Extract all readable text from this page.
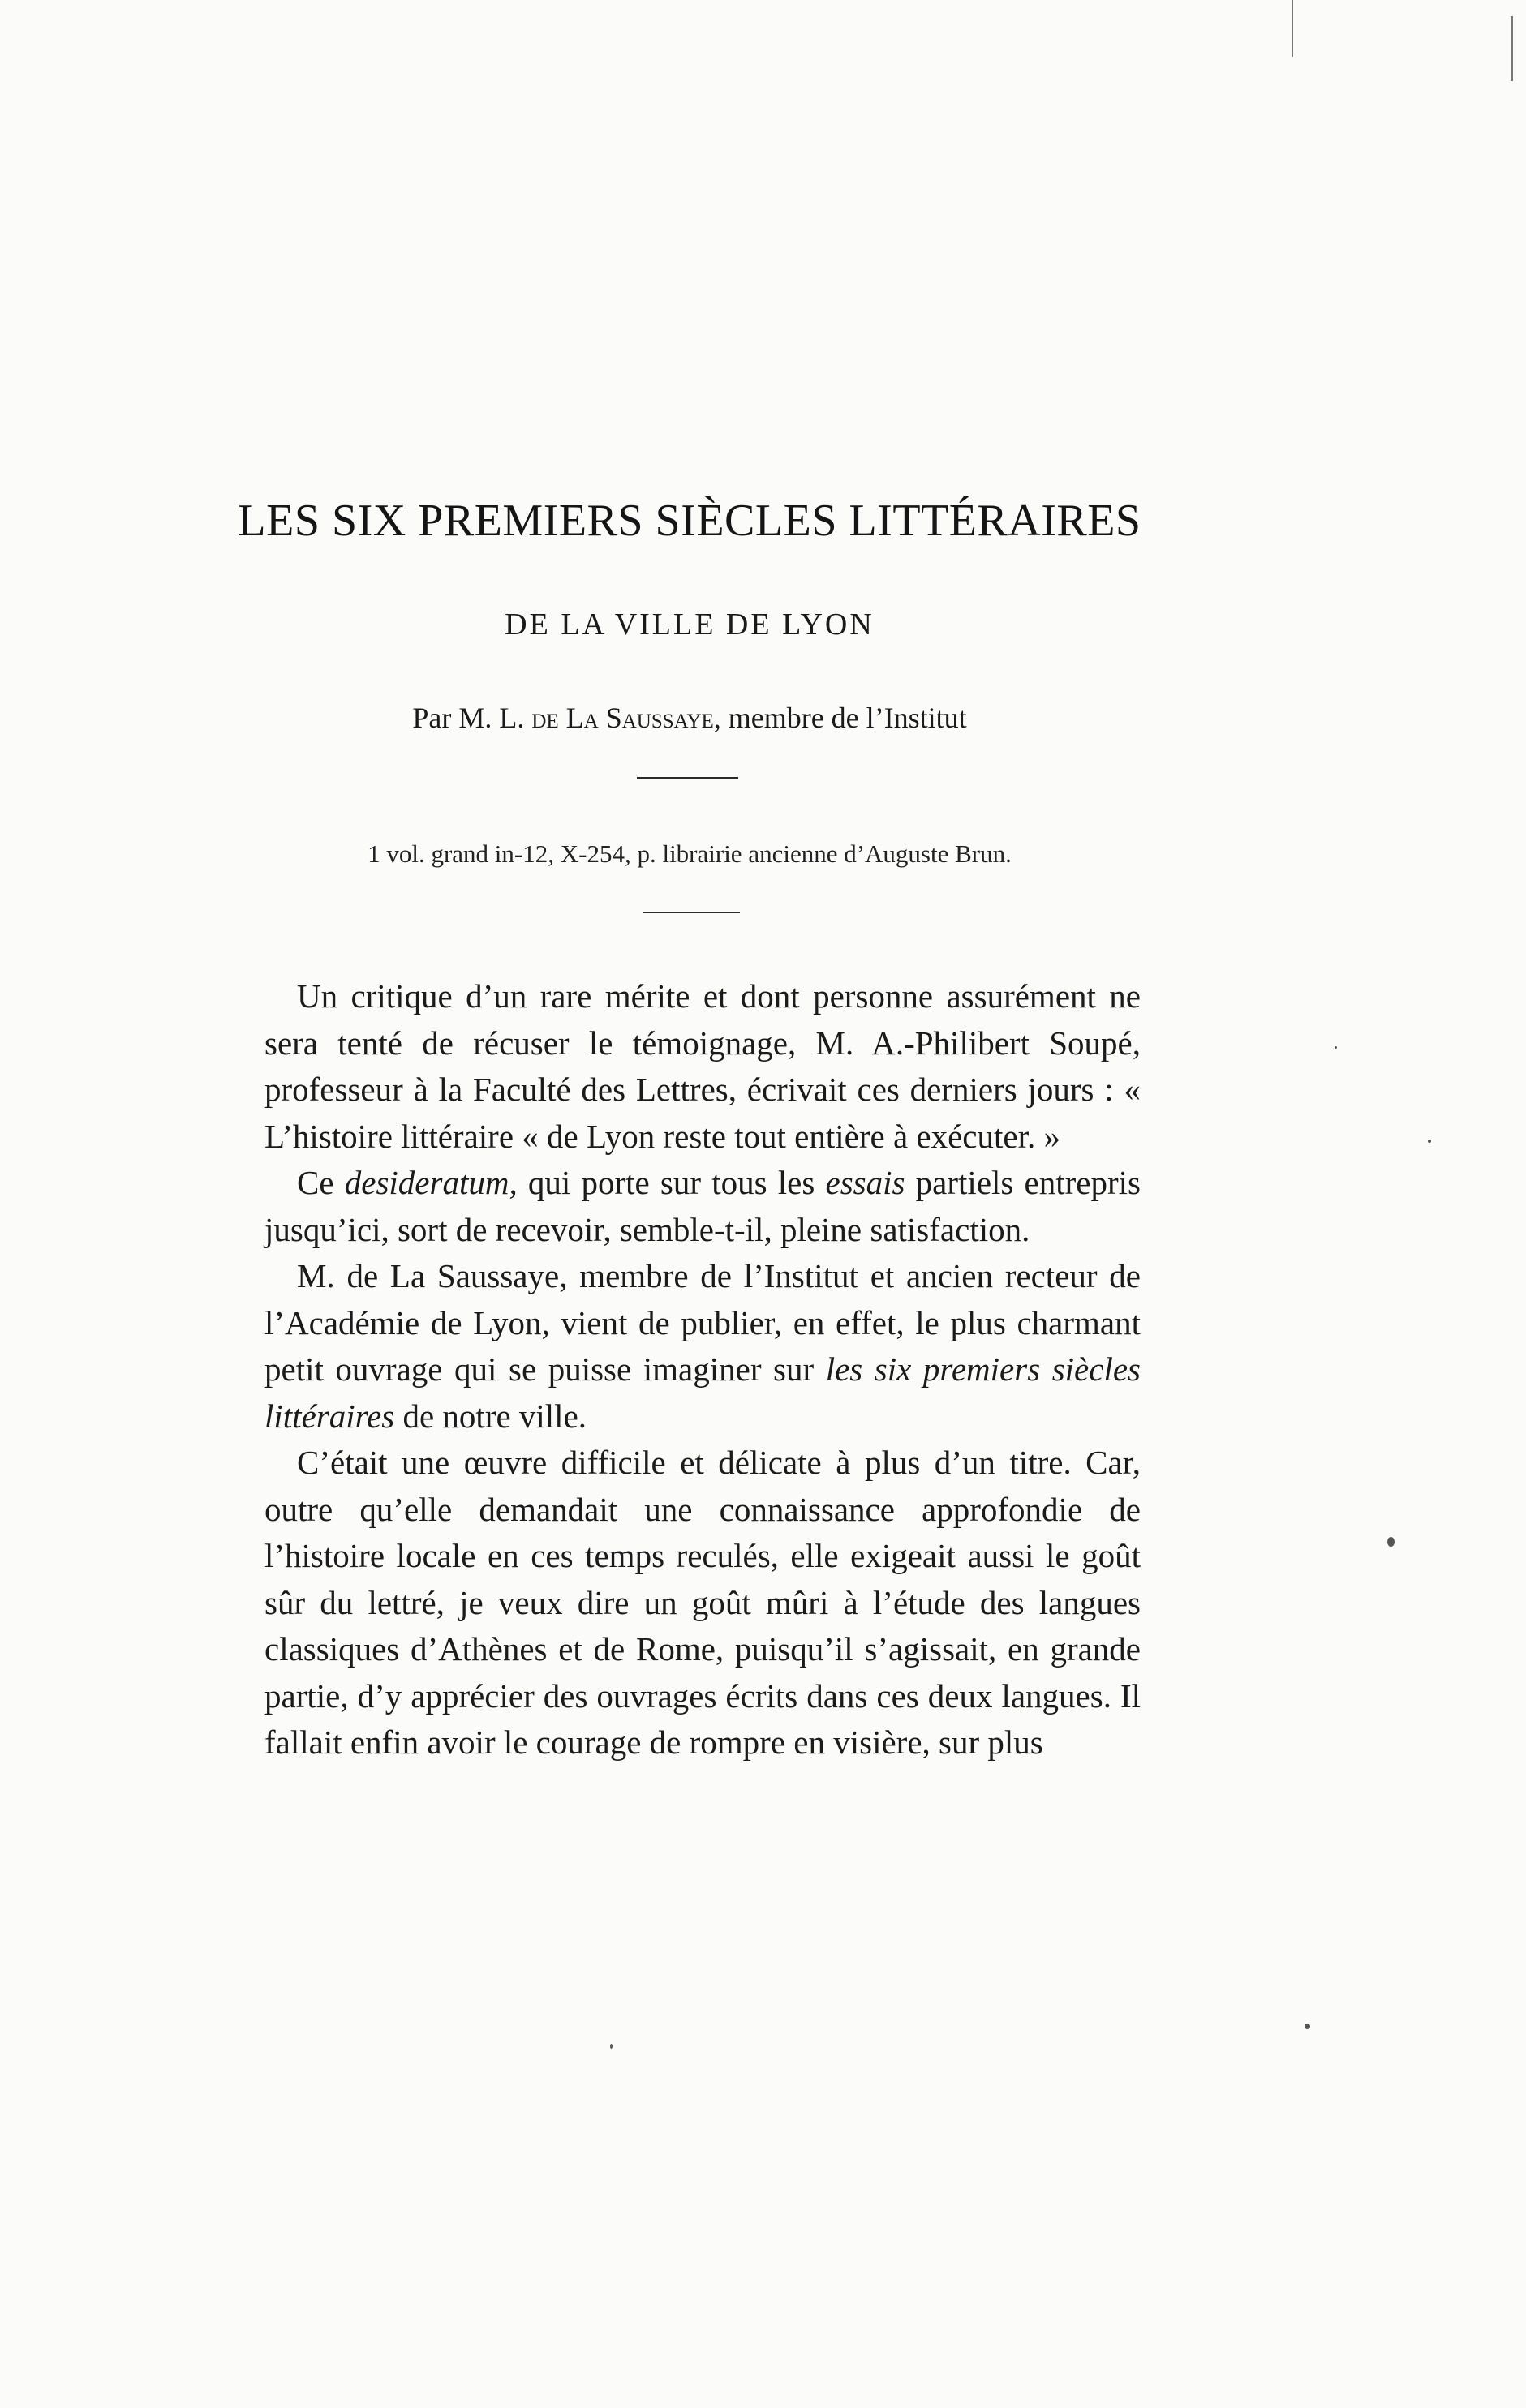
LES SIX PREMIERS SIÈCLES LITTÉRAIRES
DE LA VILLE DE LYON
Par M. L. de La Saussaye, membre de l’Institut
1 vol. grand in-12, X-254, p. librairie ancienne d’Auguste Brun.

Un critique d’un rare mérite et dont personne assurément ne sera tenté de récuser le témoignage, M. A.-Philibert Soupé, professeur à la Faculté des Lettres, écrivait ces derniers jours : « L’histoire littéraire « de Lyon reste tout entière à exécuter. »

Ce desideratum, qui porte sur tous les essais partiels entrepris jusqu’ici, sort de recevoir, semble-t-il, pleine satisfaction.

M. de La Saussaye, membre de l’Institut et ancien recteur de l’Académie de Lyon, vient de publier, en effet, le plus charmant petit ouvrage qui se puisse imaginer sur les six premiers siècles littéraires de notre ville.

C’était une œuvre difficile et délicate à plus d’un titre. Car, outre qu’elle demandait une connaissance approfondie de l’histoire locale en ces temps reculés, elle exigeait aussi le goût sûr du lettré, je veux dire un goût mûri à l’étude des langues classiques d’Athènes et de Rome, puisqu’il s’agissait, en grande partie, d’y apprécier des ouvrages écrits dans ces deux langues. Il fallait enfin avoir le courage de rompre en visière, sur plus
